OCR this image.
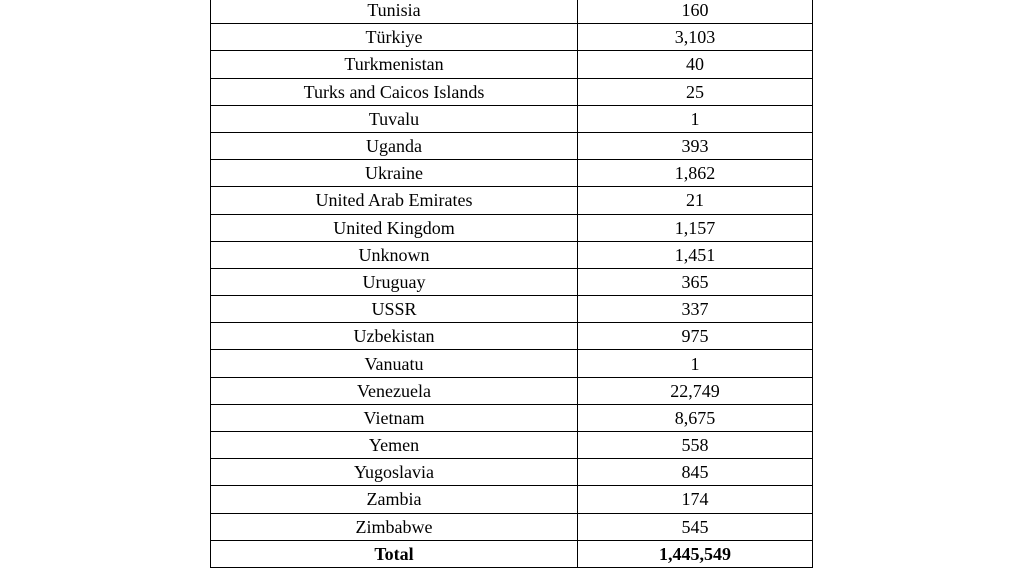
Tunisia	160
Türkiye	3,103
Turkmenistan	40
Turks and Caicos Islands	25
Tuvalu	1
Uganda	393
Ukraine	1,862
United Arab Emirates	21
United Kingdom	1,157
Unknown	1,451
Uruguay	365
USSR	337
Uzbekistan	975
Vanuatu	1
Venezuela	22,749
Vietnam	8,675
Yemen	558
Yugoslavia	845
Zambia	174
Zimbabwe	545
Total	1,445,549
